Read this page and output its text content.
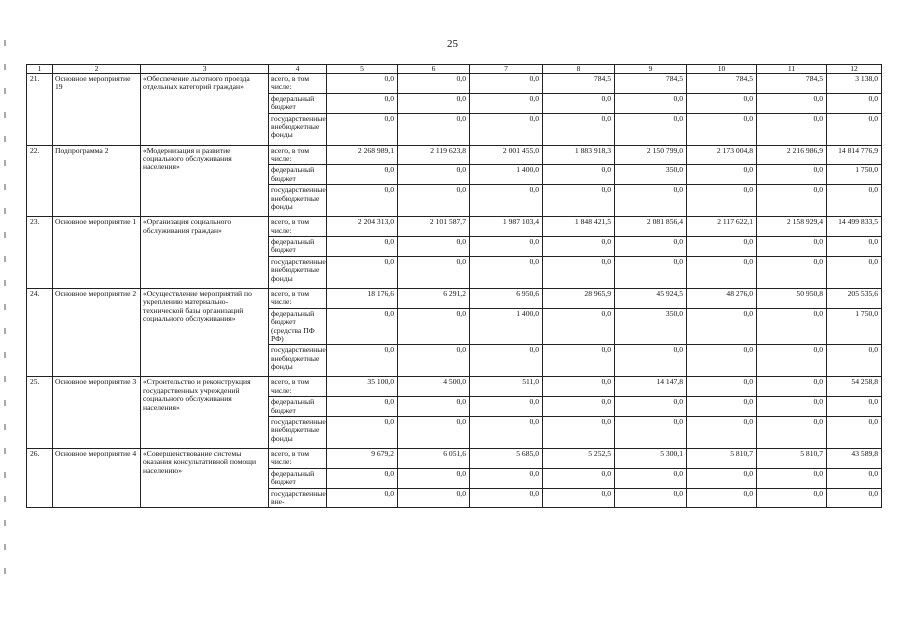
25
1	2	3	4	5	6	7	8	9	10	11	12
21.	Основное мероприятие 19	«Обеспечение льготного проезда отдельных категорий граждан»	всего, в том числе:	0,0	0,0	0,0	784,5	784,5	784,5	784,5	3 138,0
			федеральный бюджет	0,0	0,0	0,0	0,0	0,0	0,0	0,0	0,0
			государственные внебюджетные фонды	0,0	0,0	0,0	0,0	0,0	0,0	0,0	0,0
22.	Подпрограмма 2	«Модернизация и развитие социального обслуживания населения»	всего, в том числе:	2 268 989,1	2 119 623,8	2 001 455,0	1 883 918,3	2 150 799,0	2 173 004,8	2 216 986,9	14 814 776,9
			федеральный бюджет	0,0	0,0	1 400,0	0,0	350,0	0,0	0,0	1 750,0
			государственные внебюджетные фонды	0,0	0,0	0,0	0,0	0,0	0,0	0,0	0,0
23.	Основное мероприятие 1	«Организация социального обслуживания граждан»	всего, в том числе:	2 204 313,0	2 101 587,7	1 987 103,4	1 848 421,5	2 081 856,4	2 117 622,1	2 158 929,4	14 499 833,5
			федеральный бюджет	0,0	0,0	0,0	0,0	0,0	0,0	0,0	0,0
			государственные внебюджетные фонды	0,0	0,0	0,0	0,0	0,0	0,0	0,0	0,0
24.	Основное мероприятие 2	«Осуществление мероприятий по укреплению материально-технической базы организаций социального обслуживания»	всего, в том числе:	18 176,6	6 291,2	6 950,6	28 965,9	45 924,5	48 276,0	50 950,8	205 535,6
			федеральный бюджет (средства ПФ РФ)	0,0	0,0	1 400,0	0,0	350,0	0,0	0,0	1 750,0
			государственные внебюджетные фонды	0,0	0,0	0,0	0,0	0,0	0,0	0,0	0,0
25.	Основное мероприятие 3	«Строительство и реконструкция государственных учреждений социального обслуживания населения»	всего, в том числе:	35 100,0	4 500,0	511,0	0,0	14 147,8	0,0	0,0	54 258,8
			федеральный бюджет	0,0	0,0	0,0	0,0	0,0	0,0	0,0	0,0
			государственные внебюджетные фонды	0,0	0,0	0,0	0,0	0,0	0,0	0,0	0,0
26.	Основное мероприятие 4	«Совершенствование системы оказания консультативной помощи населению»	всего, в том числе:	9 679,2	6 051,6	5 685,0	5 252,5	5 300,1	5 810,7	5 810,7	43 589,8
			федеральный бюджет	0,0	0,0	0,0	0,0	0,0	0,0	0,0	0,0
			государственные вне-	0,0	0,0	0,0	0,0	0,0	0,0	0,0	0,0
